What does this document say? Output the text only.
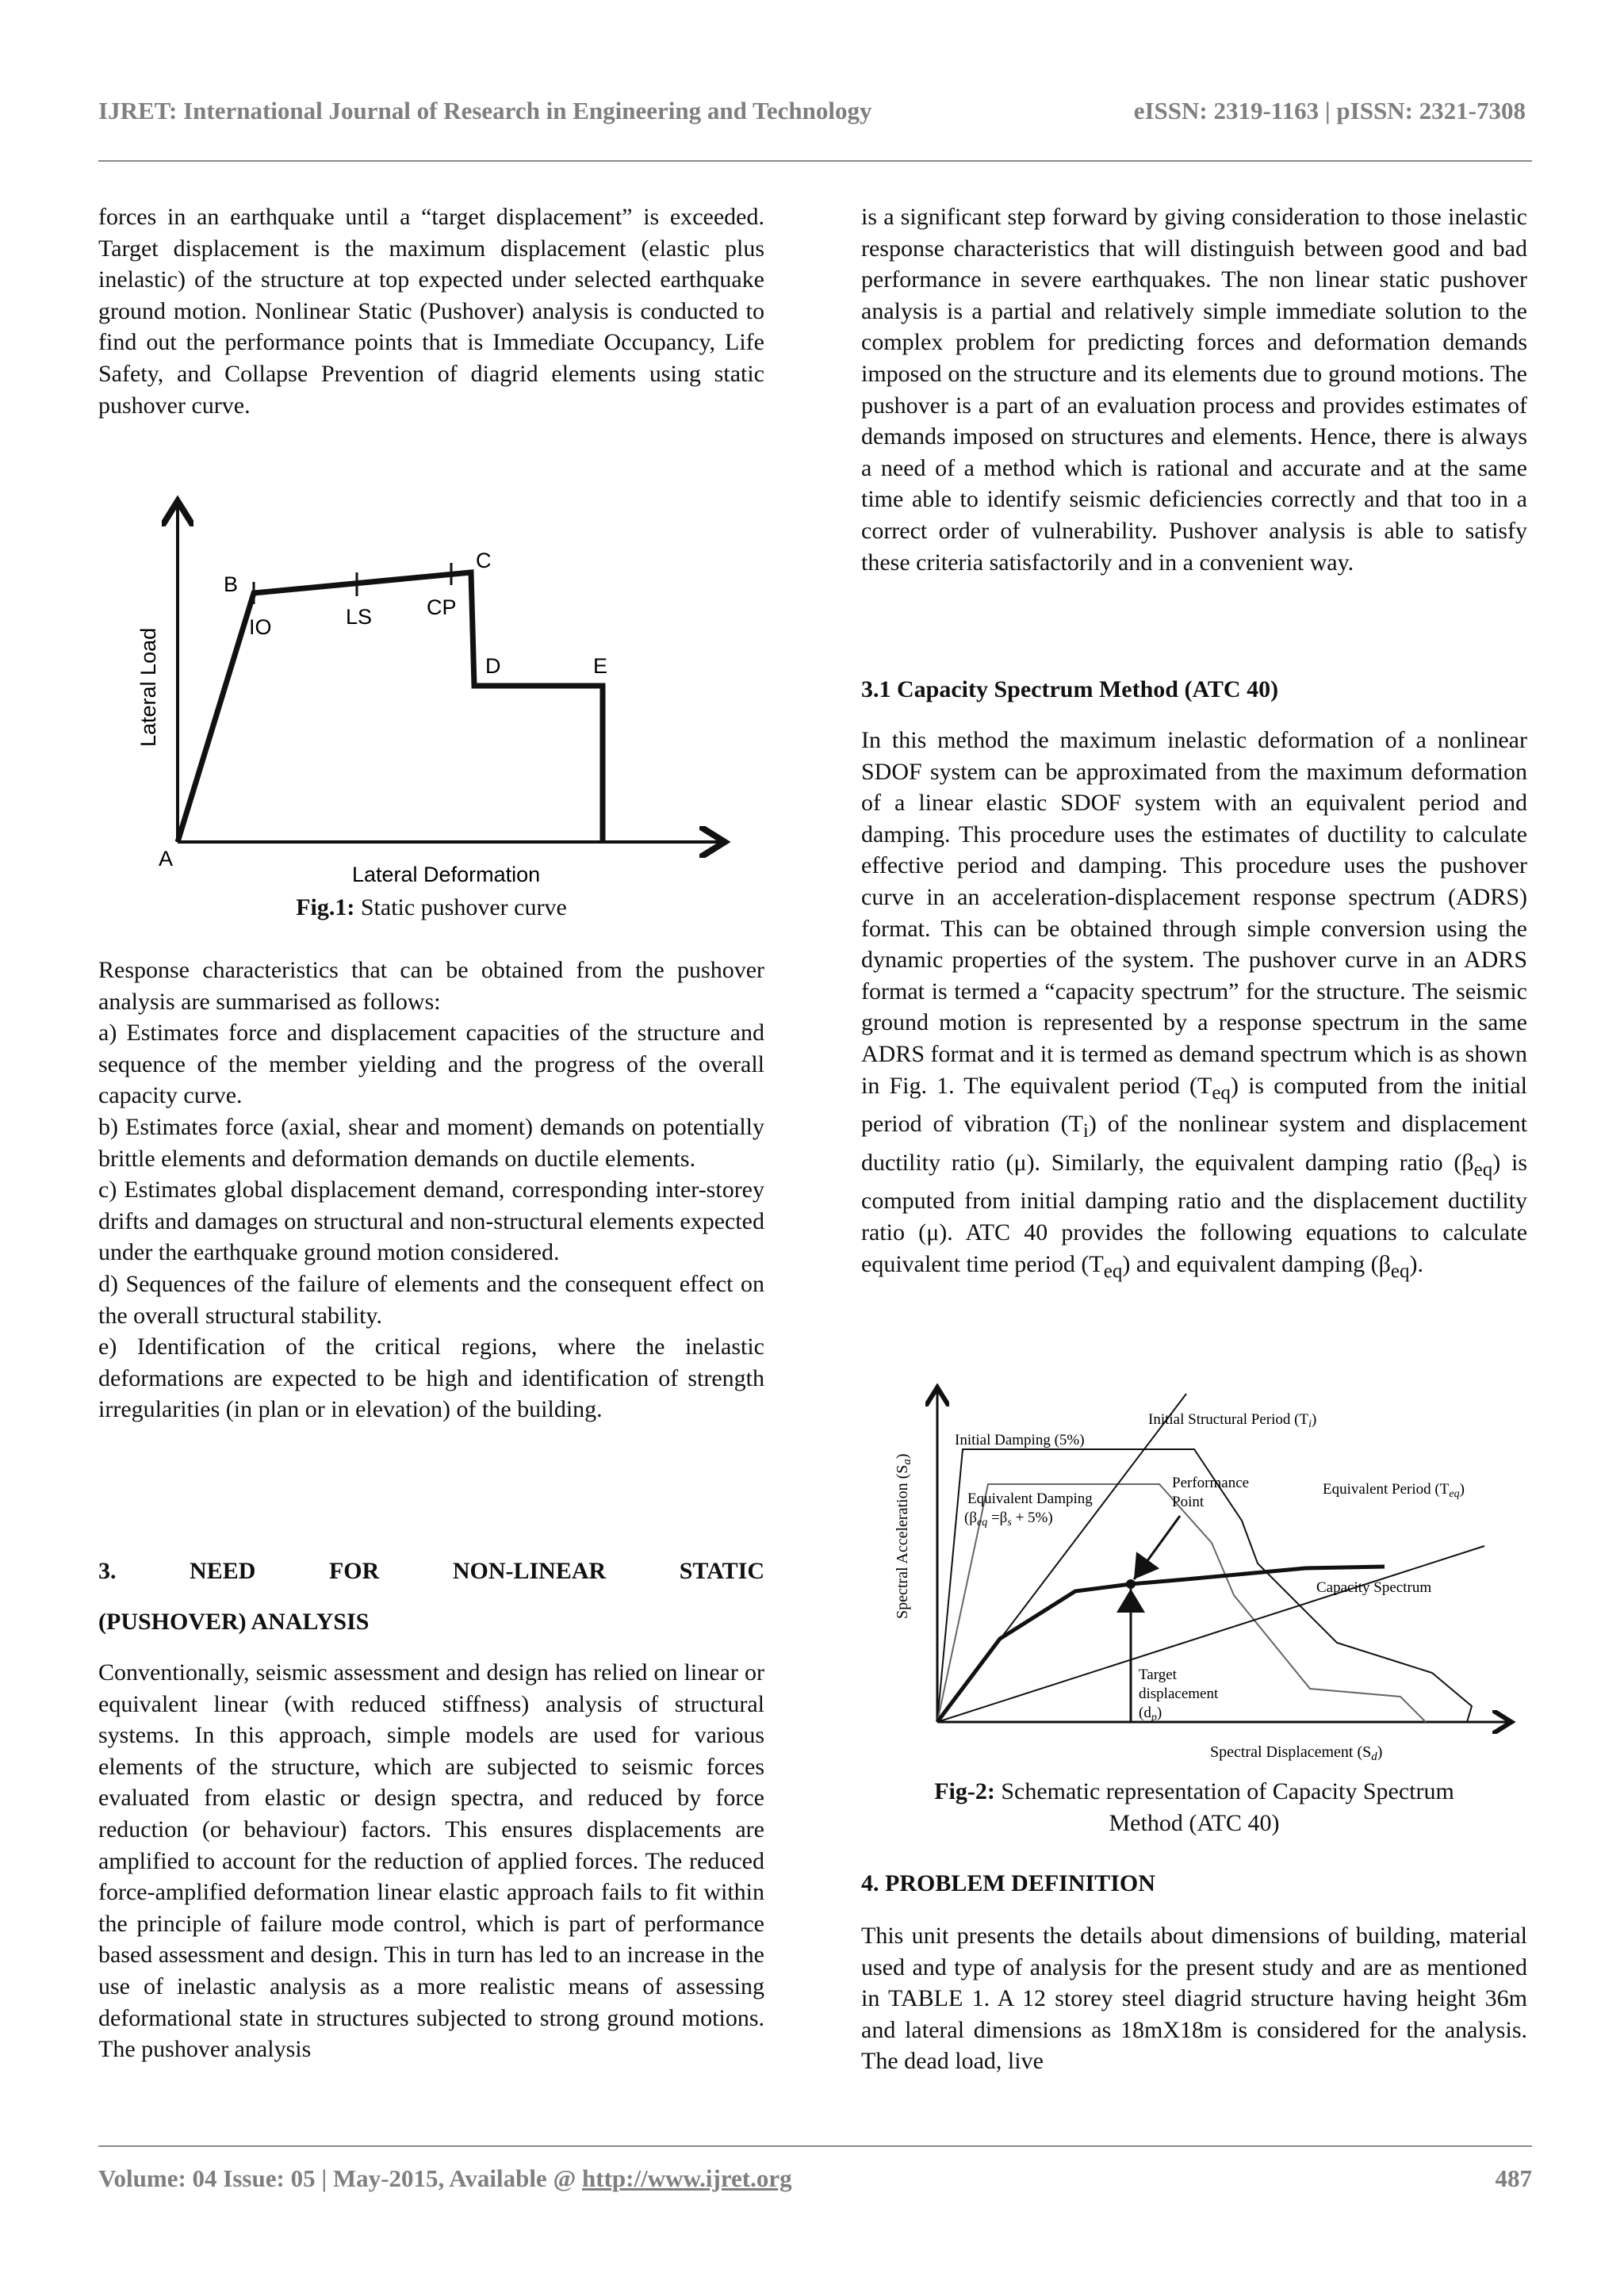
IJRET: International Journal of Research in Engineering and Technology	eISSN: 2319-1163 | pISSN: 2321-7308

forces in an earthquake until a “target displacement” is exceeded. Target displacement is the maximum displacement (elastic plus inelastic) of the structure at top expected under selected earthquake ground motion. Nonlinear Static (Pushover) analysis is conducted to find out the performance points that is Immediate Occupancy, Life Safety, and Collapse Prevention of diagrid elements using static pushover curve.

A
B
C
D	E
IO	LS	CP
Lateral Load
Lateral Deformation
Fig.1: Static pushover curve

Response characteristics that can be obtained from the pushover analysis are summarised as follows:

a) Estimates force and displacement capacities of the structure and sequence of the member yielding and the progress of the overall capacity curve.

b) Estimates force (axial, shear and moment) demands on potentially brittle elements and deformation demands on ductile elements.

c) Estimates global displacement demand, corresponding inter-storey drifts and damages on structural and non-structural elements expected under the earthquake ground motion considered.

d) Sequences of the failure of elements and the consequent effect on the overall structural stability.

e) Identification of the critical regions, where the inelastic deformations are expected to be high and identification of strength irregularities (in plan or in elevation) of the building.

3. NEED FOR NON-LINEAR STATIC
(PUSHOVER) ANALYSIS
Conventionally, seismic assessment and design has relied on linear or equivalent linear (with reduced stiffness) analysis of structural systems. In this approach, simple models are used for various elements of the structure, which are subjected to seismic forces evaluated from elastic or design spectra, and reduced by force reduction (or behaviour) factors. This ensures displacements are amplified to account for the reduction of applied forces. The reduced force-amplified deformation linear elastic approach fails to fit within the principle of failure mode control, which is part of performance based assessment and design. This in turn has led to an increase in the use of inelastic analysis as a more realistic means of assessing deformational state in structures subjected to strong ground motions. The pushover analysis

is a significant step forward by giving consideration to those inelastic response characteristics that will distinguish between good and bad performance in severe earthquakes. The non linear static pushover analysis is a partial and relatively simple immediate solution to the complex problem for predicting forces and deformation demands imposed on the structure and its elements due to ground motions. The pushover is a part of an evaluation process and provides estimates of demands imposed on structures and elements. Hence, there is always a need of a method which is rational and accurate and at the same time able to identify seismic deficiencies correctly and that too in a correct order of vulnerability. Pushover analysis is able to satisfy these criteria satisfactorily and in a convenient way.

3.1 Capacity Spectrum Method (ATC 40)
In this method the maximum inelastic deformation of a nonlinear SDOF system can be approximated from the maximum deformation of a linear elastic SDOF system with an equivalent period and damping. This procedure uses the estimates of ductility to calculate effective period and damping. This procedure uses the pushover curve in an acceleration-displacement response spectrum (ADRS) format. This can be obtained through simple conversion using the dynamic properties of the system. The pushover curve in an ADRS format is termed a “capacity spectrum” for the structure. The seismic ground motion is represented by a response spectrum in the same ADRS format and it is termed as demand spectrum which is as shown in Fig. 1. The equivalent period $(T_{eq})$ is computed from the initial period of vibration $(T_i)$ of the nonlinear system and displacement ductility ratio (μ). Similarly, the equivalent damping ratio $(\beta_{eq})$ is computed from initial damping ratio and the displacement ductility ratio (μ). ATC 40 provides the following equations to calculate equivalent time period $(T_{eq})$ and equivalent damping $(\beta_{eq})$.
Spectral Acceleration $(S_a)$
Spectral Displacement $(S_d)$
Initial Damping (5%)
Equivalent Damping
$(\beta_{eq} =\beta_s + 5\%)$
Initial Structural Period $(T_i)$
Performance
Point
Equivalent Period $(T_{eq})$
Capacity Spectrum
Target
displacement
$(d_p)$
Fig-2: Schematic representation of Capacity Spectrum
Method (ATC 40)
4. PROBLEM DEFINITION
This unit presents the details about dimensions of building, material used and type of analysis for the present study and are as mentioned in TABLE 1. A 12 storey steel diagrid structure having height 36m and lateral dimensions as 18mX18m is considered for the analysis. The dead load, live
Volume: 04 Issue: 05 | May-2015, Available @ http://www.ijret.org	487
